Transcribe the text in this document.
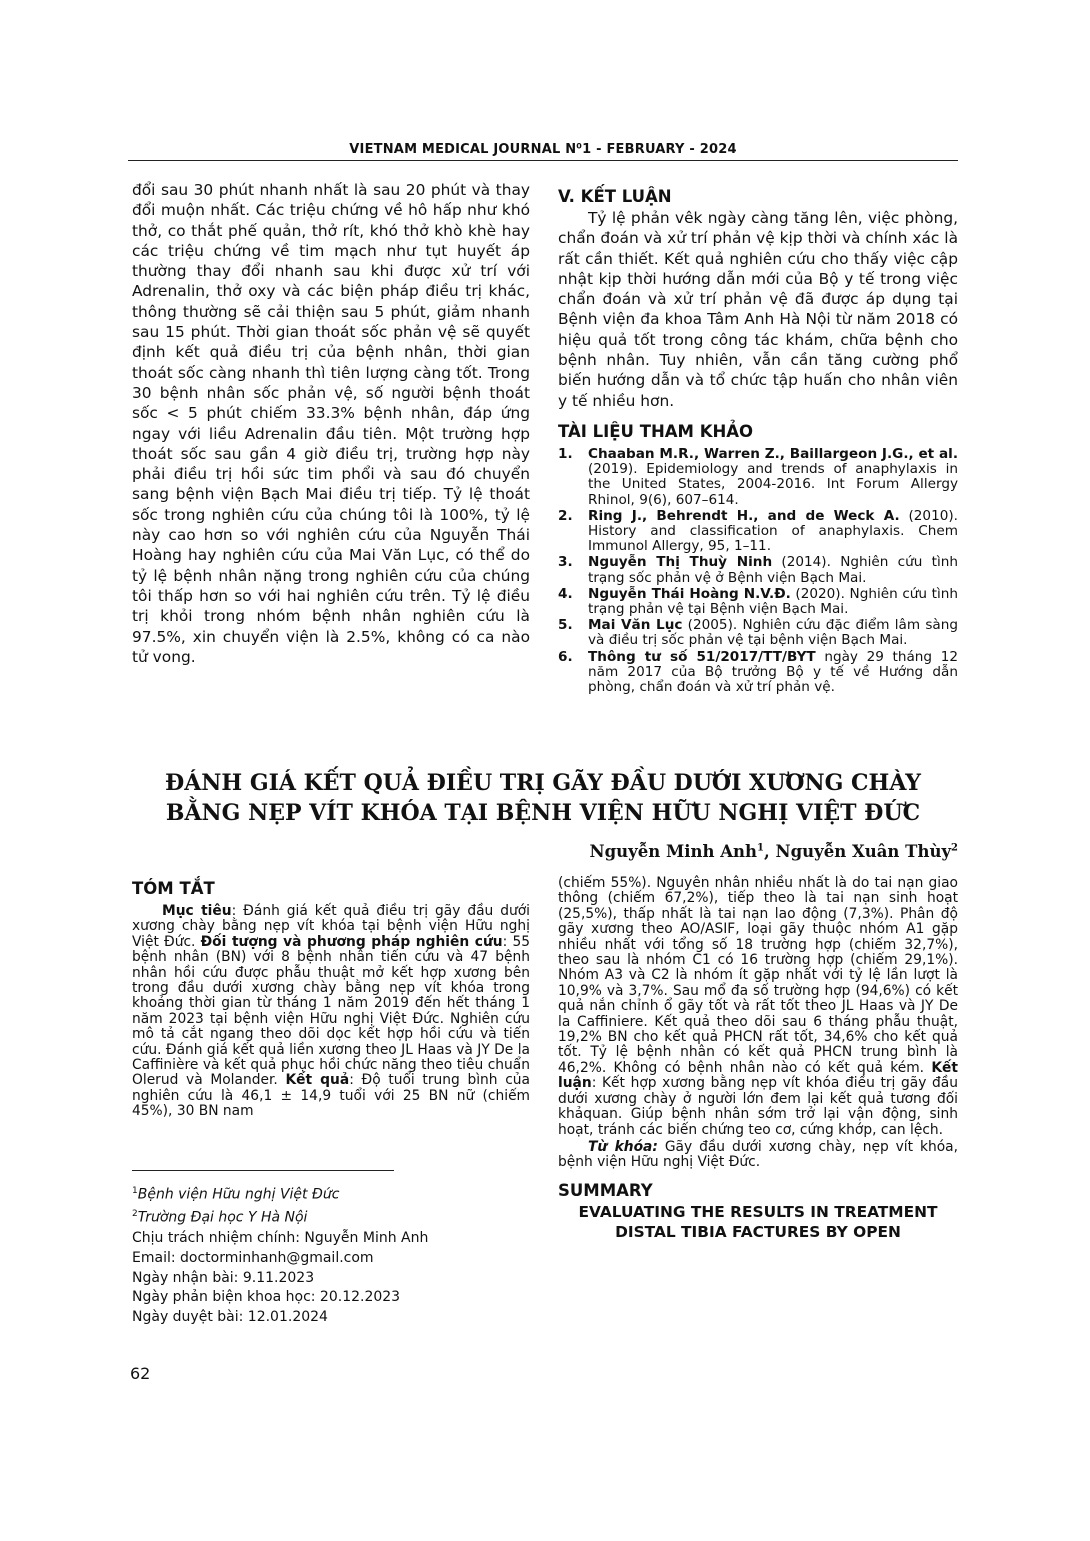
VIETNAM MEDICAL JOURNAL N⁰1 - FEBRUARY - 2024

đổi sau 30 phút nhanh nhất là sau 20 phút và thay đổi muộn nhất. Các triệu chứng về hô hấp như khó thở, co thắt phế quản, thở rít, khó thở khò khè hay các triệu chứng về tim mạch như tụt huyết áp thường thay đổi nhanh sau khi được xử trí với Adrenalin, thở oxy và các biện pháp điều trị khác, thông thường sẽ cải thiện sau 5 phút, giảm nhanh sau 15 phút. Thời gian thoát sốc phản vệ sẽ quyết định kết quả điều trị của bệnh nhân, thời gian thoát sốc càng nhanh thì tiên lượng càng tốt. Trong 30 bệnh nhân sốc phản vệ, số người bệnh thoát sốc < 5 phút chiếm 33.3% bệnh nhân, đáp ứng ngay với liều Adrenalin đầu tiên. Một trường hợp thoát sốc sau gần 4 giờ điều trị, trường hợp này phải điều trị hồi sức tim phổi và sau đó chuyển sang bệnh viện Bạch Mai điều trị tiếp. Tỷ lệ thoát sốc trong nghiên cứu của chúng tôi là 100%, tỷ lệ này cao hơn so với nghiên cứu của Nguyễn Thái Hoàng hay nghiên cứu của Mai Văn Lục, có thể do tỷ lệ bệnh nhân nặng trong nghiên cứu của chúng tôi thấp hơn so với hai nghiên cứu trên. Tỷ lệ điều trị khỏi trong nhóm bệnh nhân nghiên cứu là 97.5%, xin chuyển viện là 2.5%, không có ca nào tử vong.

V. KẾT LUẬN

Tỷ lệ phản vêk ngày càng tăng lên, việc phòng, chẩn đoán và xử trí phản vệ kịp thời và chính xác là rất cần thiết. Kết quả nghiên cứu cho thấy việc cập nhật kịp thời hướng dẫn mới của Bộ y tế trong việc chẩn đoán và xử trí phản vệ đã được áp dụng tại Bệnh viện đa khoa Tâm Anh Hà Nội từ năm 2018 có hiệu quả tốt trong công tác khám, chữa bệnh cho bệnh nhân. Tuy nhiên, vẫn cần tăng cường phổ biến hướng dẫn và tổ chức tập huấn cho nhân viên y tế nhiều hơn.

TÀI LIỆU THAM KHẢO

1. Chaaban M.R., Warren Z., Baillargeon J.G., et al. (2019). Epidemiology and trends of anaphylaxis in the United States, 2004-2016. Int Forum Allergy Rhinol, 9(6), 607–614.
2. Ring J., Behrendt H., and de Weck A. (2010). History and classification of anaphylaxis. Chem Immunol Allergy, 95, 1–11.
3. Nguyễn Thị Thuỳ Ninh (2014). Nghiên cứu tình trạng sốc phản vệ ở Bệnh viện Bạch Mai.
4. Nguyễn Thái Hoàng N.V.Đ. (2020). Nghiên cứu tình trạng phản vệ tại Bệnh viện Bạch Mai.
5. Mai Văn Lục (2005). Nghiên cứu đặc điểm lâm sàng và điều trị sốc phản vệ tại bệnh viện Bạch Mai.
6. Thông tư số 51/2017/TT/BYT ngày 29 tháng 12 năm 2017 của Bộ trưởng Bộ y tế về Hướng dẫn phòng, chẩn đoán và xử trí phản vệ.
ĐÁNH GIÁ KẾT QUẢ ĐIỀU TRỊ GÃY ĐẦU DƯỚI XƯƠNG CHÀY
BẰNG NẸP VÍT KHÓA TẠI BỆNH VIỆN HỮU NGHỊ VIỆT ĐỨC
Nguyễn Minh Anh$^1$, Nguyễn Xuân Thùy$^2$

TÓM TẮT

Mục tiêu: Đánh giá kết quả điều trị gãy đầu dưới xương chày bằng nẹp vít khóa tại bệnh viện Hữu nghị Việt Đức. Đối tượng và phương pháp nghiên cứu: 55 bệnh nhân (BN) với 8 bệnh nhân tiến cứu và 47 bệnh nhân hồi cứu được phẫu thuật mở kết hợp xương bên trong đầu dưới xương chày bằng nẹp vít khóa trong khoảng thời gian từ tháng 1 năm 2019 đến hết tháng 1 năm 2023 tại bệnh viện Hữu nghị Việt Đức. Nghiên cứu mô tả cắt ngang theo dõi dọc kết hợp hồi cứu và tiến cứu. Đánh giá kết quả liền xương theo JL Haas và JY De la Caffinière và kết quả phục hồi chức năng theo tiêu chuẩn Olerud và Molander. Kết quả: Độ tuổi trung bình của nghiên cứu là 46,1 ± 14,9 tuổi với 25 BN nữ (chiếm 45%), 30 BN nam

$^1$Bệnh viện Hữu nghị Việt Đức
$^2$Trường Đại học Y Hà Nội
Chịu trách nhiệm chính: Nguyễn Minh Anh
Email: doctorminhanh@gmail.com
Ngày nhận bài: 9.11.2023
Ngày phản biện khoa học: 20.12.2023
Ngày duyệt bài: 12.01.2024

(chiếm 55%). Nguyên nhân nhiều nhất là do tai nạn giao thông (chiếm 67,2%), tiếp theo là tai nạn sinh hoạt (25,5%), thấp nhất là tai nạn lao động (7,3%). Phân độ gãy xương theo AO/ASIF, loại gãy thuộc nhóm A1 gặp nhiều nhất với tổng số 18 trường hợp (chiếm 32,7%), theo sau là nhóm C1 có 16 trường hợp (chiếm 29,1%). Nhóm A3 và C2 là nhóm ít gặp nhất với tỷ lệ lần lượt là 10,9% và 3,7%. Sau mổ đa số trường hợp (94,6%) có kết quả nắn chỉnh ổ gãy tốt và rất tốt theo JL Haas và JY De la Caffiniere. Kết quả theo dõi sau 6 tháng phẫu thuật, 19,2% BN cho kết quả PHCN rất tốt, 34,6% cho kết quả tốt. Tỷ lệ bệnh nhân có kết quả PHCN trung bình là 46,2%. Không có bệnh nhân nào có kết quả kém. Kết luận: Kết hợp xương bằng nẹp vít khóa điều trị gãy đầu dưới xương chày ở người lớn đem lại kết quả tương đối khảquan. Giúp bệnh nhân sớm trở lại vận động, sinh hoạt, tránh các biến chứng teo cơ, cứng khớp, can lệch.

Từ khóa: Gãy đầu dưới xương chày, nẹp vít khóa, bệnh viện Hữu nghị Việt Đức.

SUMMARY

EVALUATING THE RESULTS IN TREATMENT
DISTAL TIBIA FACTURES BY OPEN
62
